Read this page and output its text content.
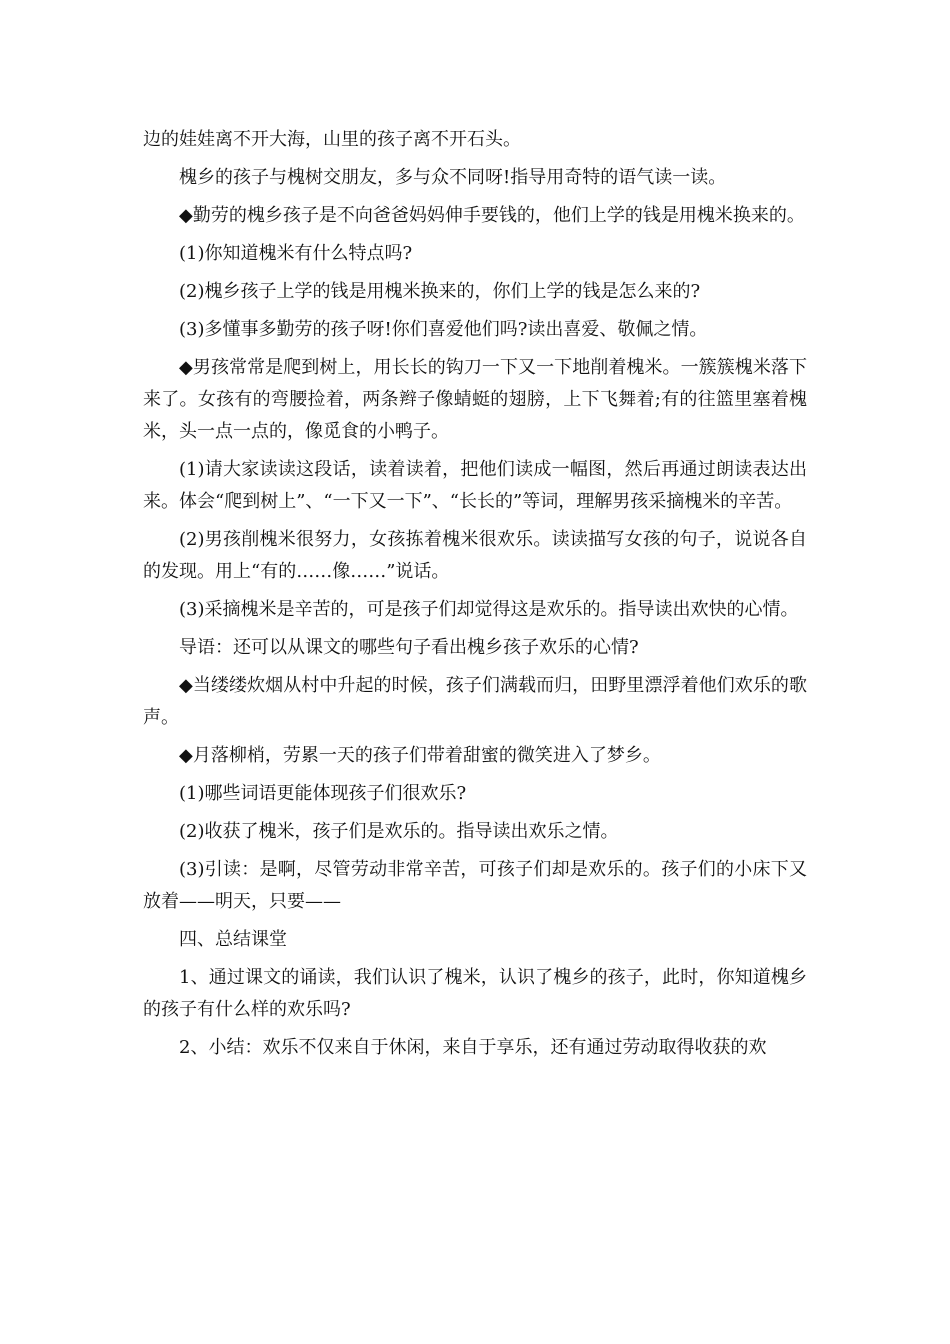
边的娃娃离不开大海，山里的孩子离不开石头。

槐乡的孩子与槐树交朋友，多与众不同呀!指导用奇特的语气读一读。

◆勤劳的槐乡孩子是不向爸爸妈妈伸手要钱的，他们上学的钱是用槐米换来的。

(1)你知道槐米有什么特点吗?

(2)槐乡孩子上学的钱是用槐米换来的，你们上学的钱是怎么来的?

(3)多懂事多勤劳的孩子呀!你们喜爱他们吗?读出喜爱、敬佩之情。

◆男孩常常是爬到树上，用长长的钩刀一下又一下地削着槐米。一簇簇槐米落下来了。女孩有的弯腰捡着，两条辫子像蜻蜓的翅膀，上下飞舞着;有的往篮里塞着槐米，头一点一点的，像觅食的小鸭子。

(1)请大家读读这段话，读着读着，把他们读成一幅图，然后再通过朗读表达出来。体会“爬到树上”、“一下又一下”、“长长的”等词，理解男孩采摘槐米的辛苦。

(2)男孩削槐米很努力，女孩拣着槐米很欢乐。读读描写女孩的句子，说说各自的发现。用上“有的……像……”说话。

(3)采摘槐米是辛苦的，可是孩子们却觉得这是欢乐的。指导读出欢快的心情。

导语：还可以从课文的哪些句子看出槐乡孩子欢乐的心情?

◆当缕缕炊烟从村中升起的时候，孩子们满载而归，田野里漂浮着他们欢乐的歌声。

◆月落柳梢，劳累一天的孩子们带着甜蜜的微笑进入了梦乡。

(1)哪些词语更能体现孩子们很欢乐?

(2)收获了槐米，孩子们是欢乐的。指导读出欢乐之情。

(3)引读：是啊，尽管劳动非常辛苦，可孩子们却是欢乐的。孩子们的小床下又放着——明天，只要——

四、总结课堂

1、通过课文的诵读，我们认识了槐米，认识了槐乡的孩子，此时，你知道槐乡的孩子有什么样的欢乐吗?

2、小结：欢乐不仅来自于休闲，来自于享乐，还有通过劳动取得收获的欢
